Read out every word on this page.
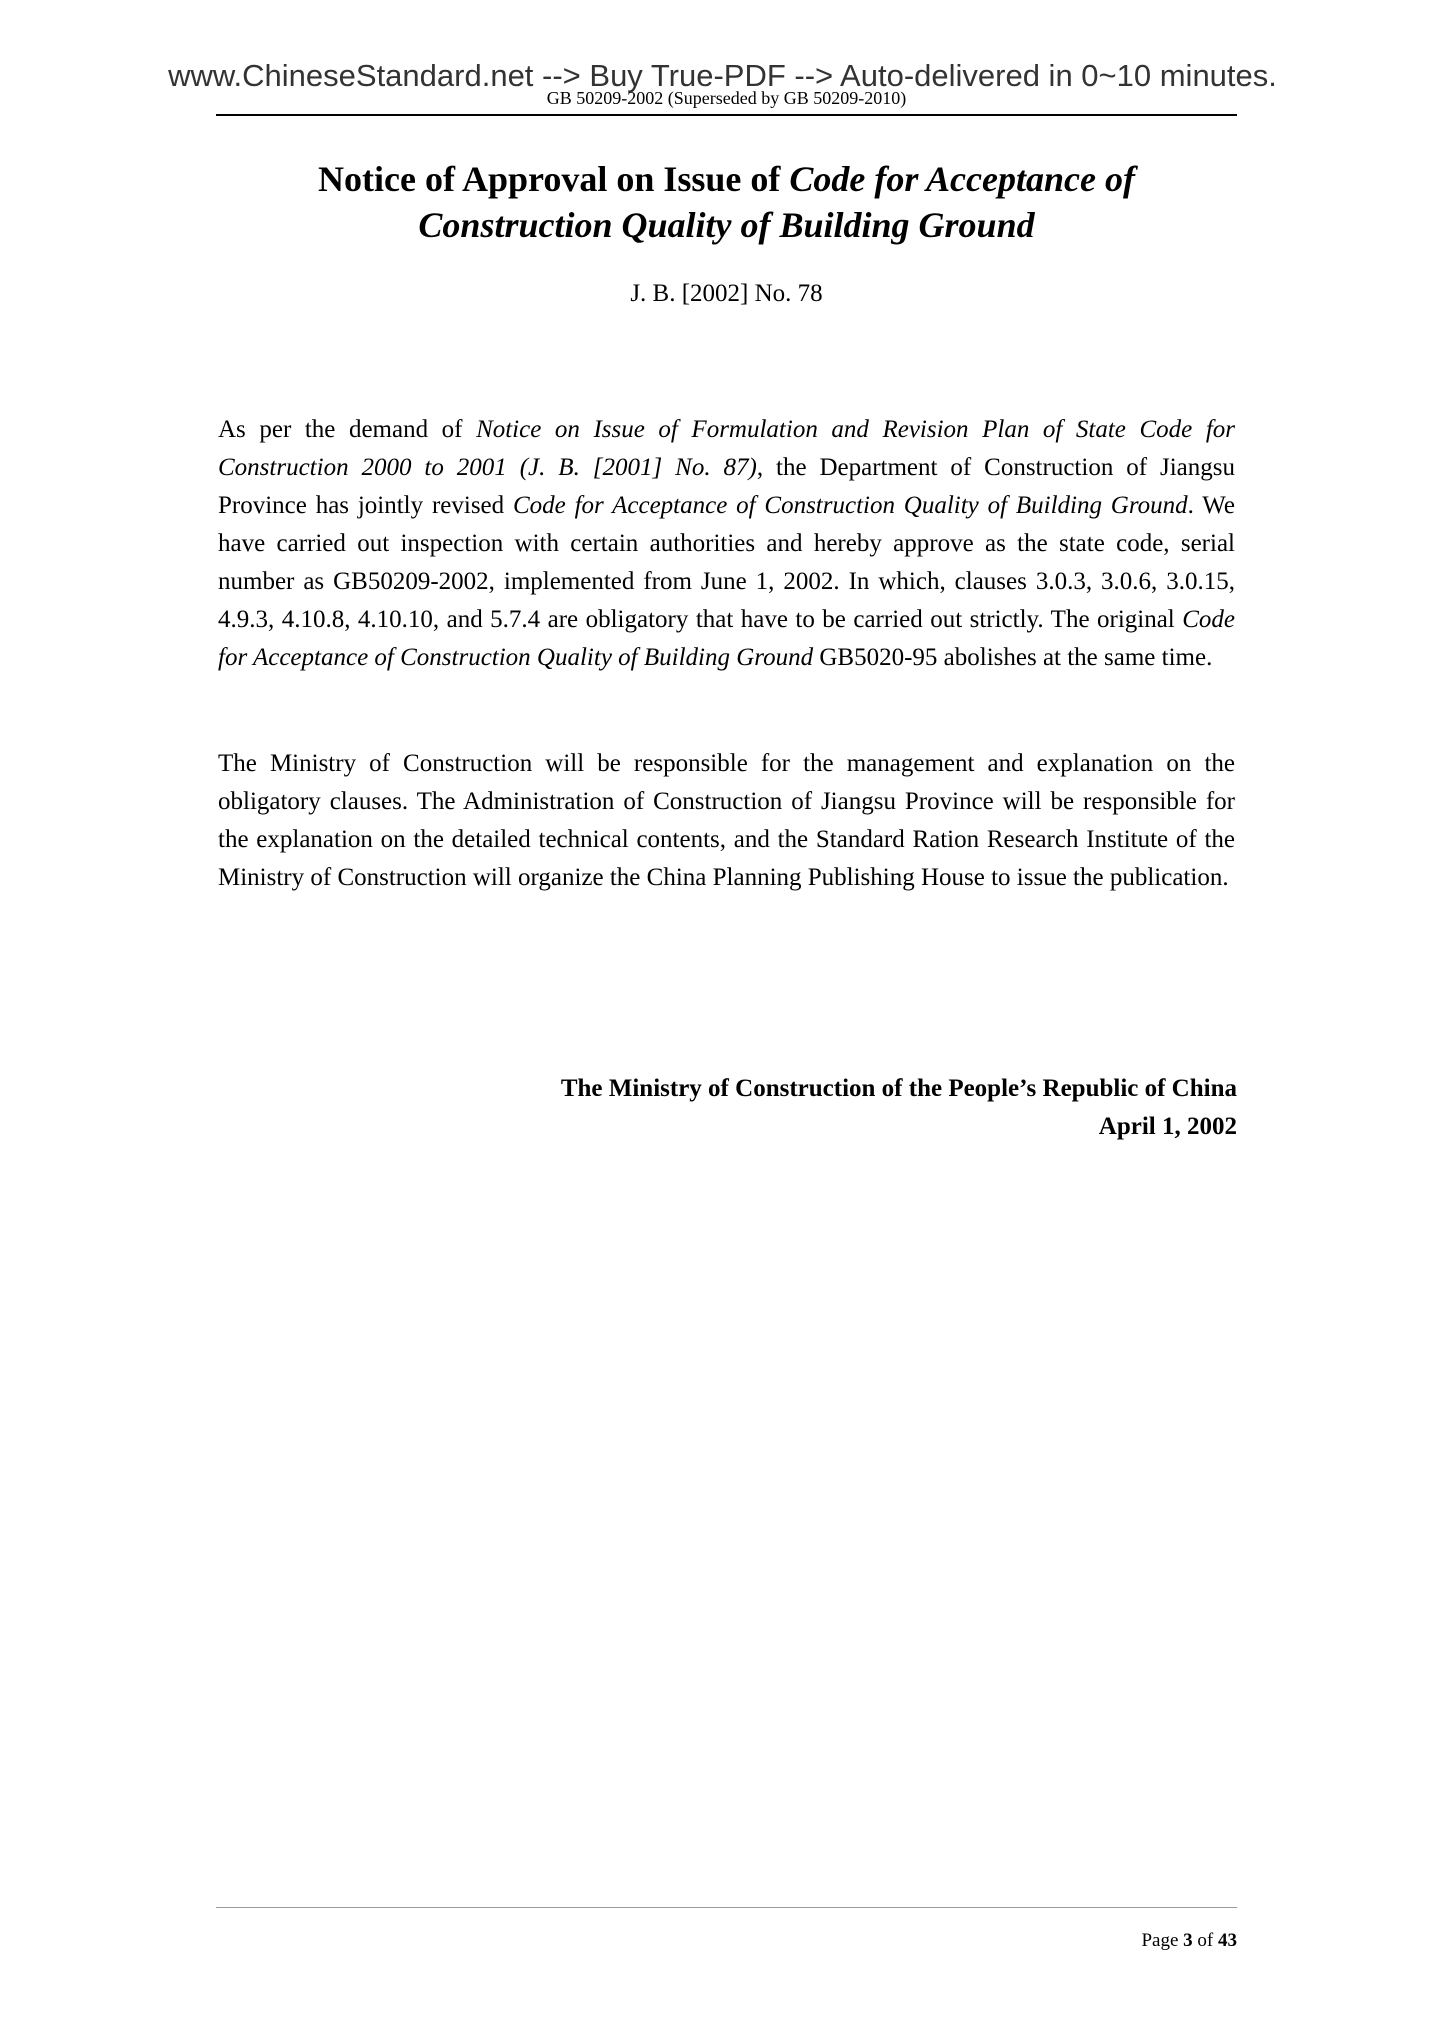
www.ChineseStandard.net --> Buy True-PDF --> Auto-delivered in 0~10 minutes.
GB 50209-2002 (Superseded by GB 50209-2010)
Notice of Approval on Issue of Code for Acceptance of
Construction Quality of Building Ground
J. B. [2002] No. 78

As per the demand of Notice on Issue of Formulation and Revision Plan of State Code for Construction 2000 to 2001 (J. B. [2001] No. 87), the Department of Construction of Jiangsu Province has jointly revised Code for Acceptance of Construction Quality of Building Ground. We have carried out inspection with certain authorities and hereby approve as the state code, serial number as GB50209-2002, implemented from June 1, 2002. In which, clauses 3.0.3, 3.0.6, 3.0.15, 4.9.3, 4.10.8, 4.10.10, and 5.7.4 are obligatory that have to be carried out strictly. The original Code for Acceptance of Construction Quality of Building Ground GB5020-95 abolishes at the same time.

The Ministry of Construction will be responsible for the management and explanation on the obligatory clauses. The Administration of Construction of Jiangsu Province will be responsible for the explanation on the detailed technical contents, and the Standard Ration Research Institute of the Ministry of Construction will organize the China Planning Publishing House to issue the publication.

The Ministry of Construction of the People’s Republic of China
April 1, 2002
Page 3 of 43
